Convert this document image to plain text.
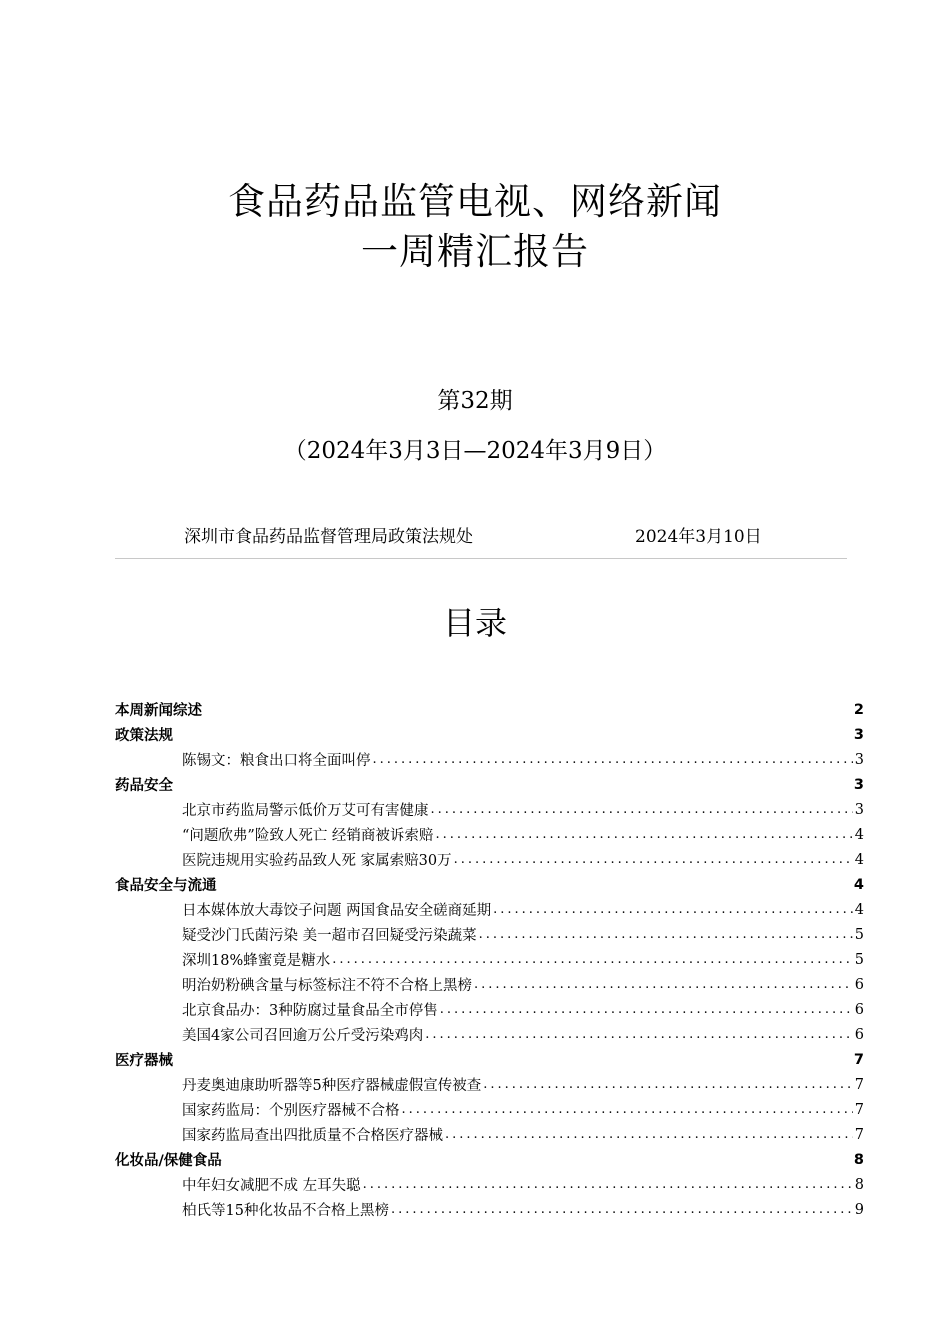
食品药品监管电视、网络新闻
一周精汇报告
第32期
（2024年3月3日—2024年3月9日）
深圳市食品药品监督管理局政策法规处	2024年3月10日
目录
本周新闻综述	2
政策法规	3
陈锡文：粮食出口将全面叫停 .....	3
药品安全	3
北京市药监局警示低价万艾可有害健康 .....	3
“问题欣弗”险致人死亡 经销商被诉索赔 .....	4
医院违规用实验药品致人死 家属索赔30万 .....	4
食品安全与流通	4
日本媒体放大毒饺子问题 两国食品安全磋商延期 .....	4
疑受沙门氏菌污染 美一超市召回疑受污染蔬菜 .....	5
深圳18%蜂蜜竟是糖水 .....	5
明治奶粉碘含量与标签标注不符不合格上黑榜 .....	6
北京食品办：3种防腐过量食品全市停售 .....	6
美国4家公司召回逾万公斤受污染鸡肉 .....	6
医疗器械	7
丹麦奥迪康助听器等5种医疗器械虚假宣传被查 .....	7
国家药监局：个别医疗器械不合格 .....	7
国家药监局查出四批质量不合格医疗器械 .....	7
化妆品/保健食品	8
中年妇女减肥不成 左耳失聪 .....	8
柏氏等15种化妆品不合格上黑榜 .....	9
